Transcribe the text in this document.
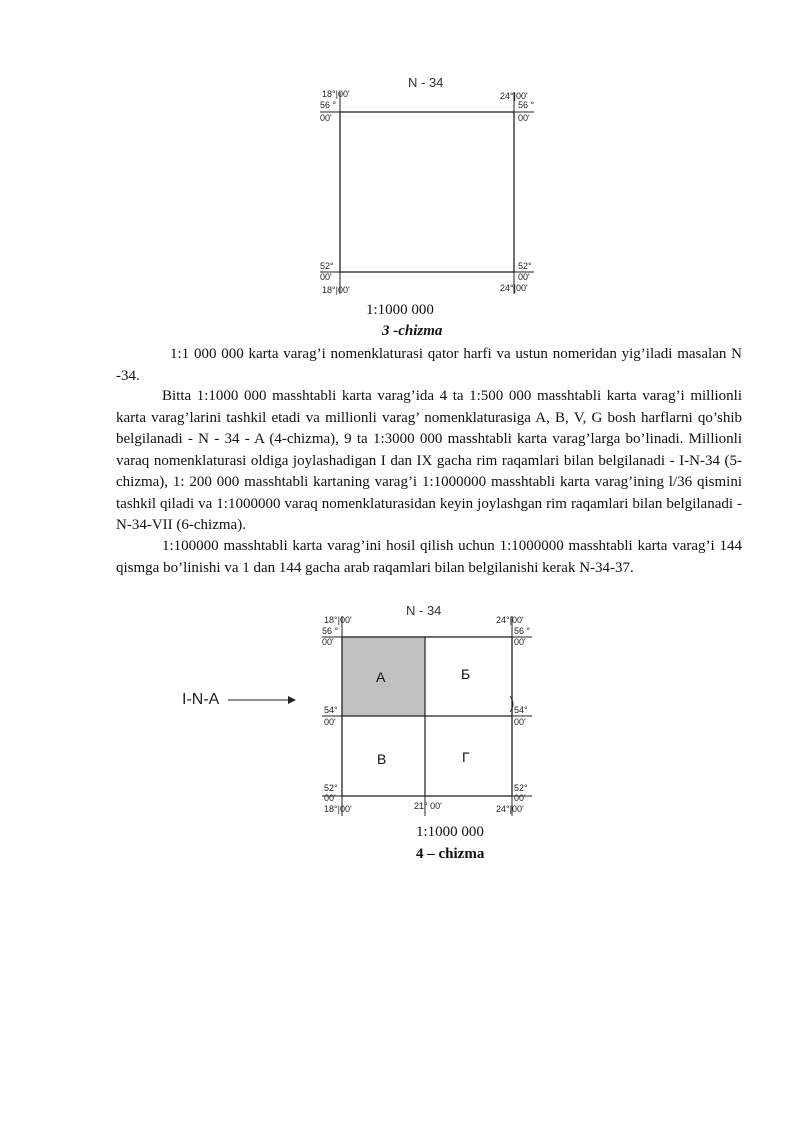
N - 34
18°|00'
56 °
00'
24°|00'
56 °
00'
52°
00'
18°|00'
52°
00'
24°|00'
1:1000 000
3 -chizma

1:1 000 000 karta varag’i nomenklaturasi qator harfi va ustun nomeridan yig’iladi masalan N -34.

Bitta 1:1000 000 masshtabli karta varag’ida 4 ta 1:500 000 masshtabli karta varag’i millionli karta varag’larini tashkil etadi va millionli varag’ nomenklaturasiga A, B, V, G bosh harflarni qo’shib belgilanadi - N - 34 - A (4-chizma), 9 ta 1:3000 000 masshtabli karta varag’larga bo’linadi. Millionli varaq nomenklaturasi oldiga joylashadigan I dan IX gacha rim raqamlari bilan belgilanadi - I-N-34 (5-chizma), 1: 200 000 masshtabli kartaning varag’i 1:1000000 masshtabli karta varag’ining l/36 qismini tashkil qiladi va 1:1000000 varaq nomenklaturasidan keyin joylashgan rim raqamlari bilan belgilanadi - N-34-VII (6-chizma).

1:100000 masshtabli karta varag’ini hosil qilish uchun 1:1000000 masshtabli karta varag’i 144 qismga bo’linishi va 1 dan 144 gacha arab raqamlari bilan belgilanishi kerak N-34-37.

I-N-A
N - 34
18°|00'
56 °
00'
24°|00'
56 °
00'
54°
00'
54°
00'
52°
00'
18°|00'	21° 00'
52°
00'
24°|00'
А	Б
В	Г
1:1000 000
4 – chizma
